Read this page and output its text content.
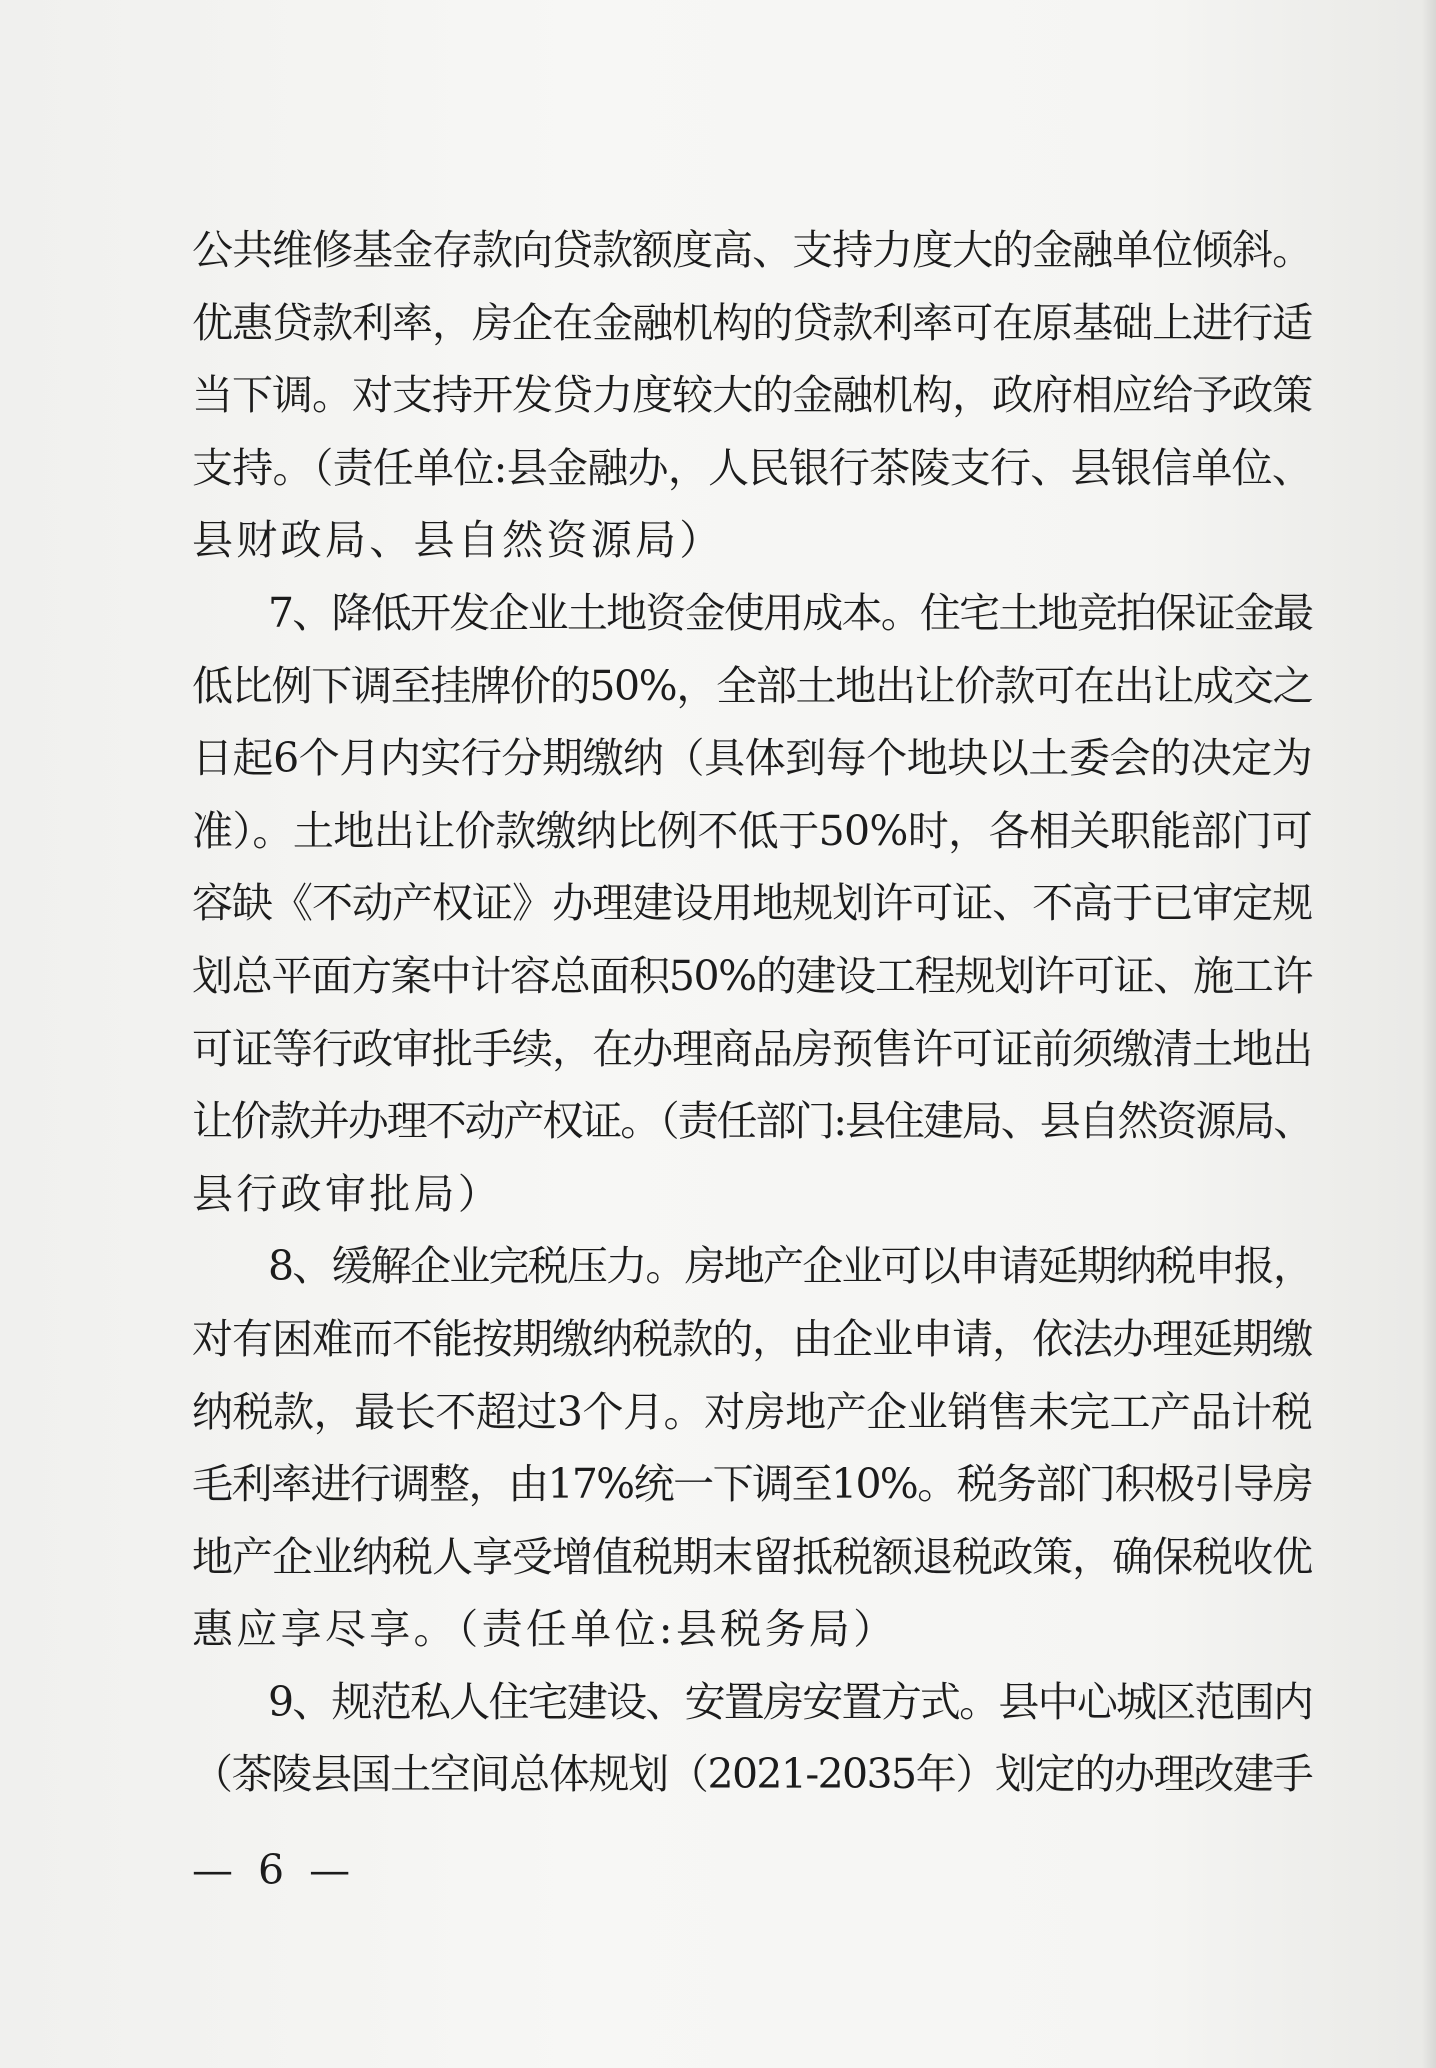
公共维修基金存款向贷款额度高、支持力度大的金融单位倾斜。
优惠贷款利率，房企在金融机构的贷款利率可在原基础上进行适
当下调。对支持开发贷力度较大的金融机构，政府相应给予政策
支持。（责任单位:县金融办，人民银行茶陵支行、县银信单位、
县财政局、县自然资源局）
7、降低开发企业土地资金使用成本。住宅土地竞拍保证金最
低比例下调至挂牌价的50%，全部土地出让价款可在出让成交之
日起6个月内实行分期缴纳（具体到每个地块以土委会的决定为
准）。土地出让价款缴纳比例不低于50%时，各相关职能部门可
容缺《不动产权证》办理建设用地规划许可证、不高于已审定规
划总平面方案中计容总面积50%的建设工程规划许可证、施工许
可证等行政审批手续，在办理商品房预售许可证前须缴清土地出
让价款并办理不动产权证。（责任部门:县住建局、县自然资源局、
县行政审批局）
8、缓解企业完税压力。房地产企业可以申请延期纳税申报，
对有困难而不能按期缴纳税款的，由企业申请，依法办理延期缴
纳税款，最长不超过3个月。对房地产企业销售未完工产品计税
毛利率进行调整，由17%统一下调至10%。税务部门积极引导房
地产企业纳税人享受增值税期末留抵税额退税政策，确保税收优
惠应享尽享。（责任单位:县税务局）
9、规范私人住宅建设、安置房安置方式。县中心城区范围内
（茶陵县国土空间总体规划（2021-2035年）划定的办理改建手
— 6 —
